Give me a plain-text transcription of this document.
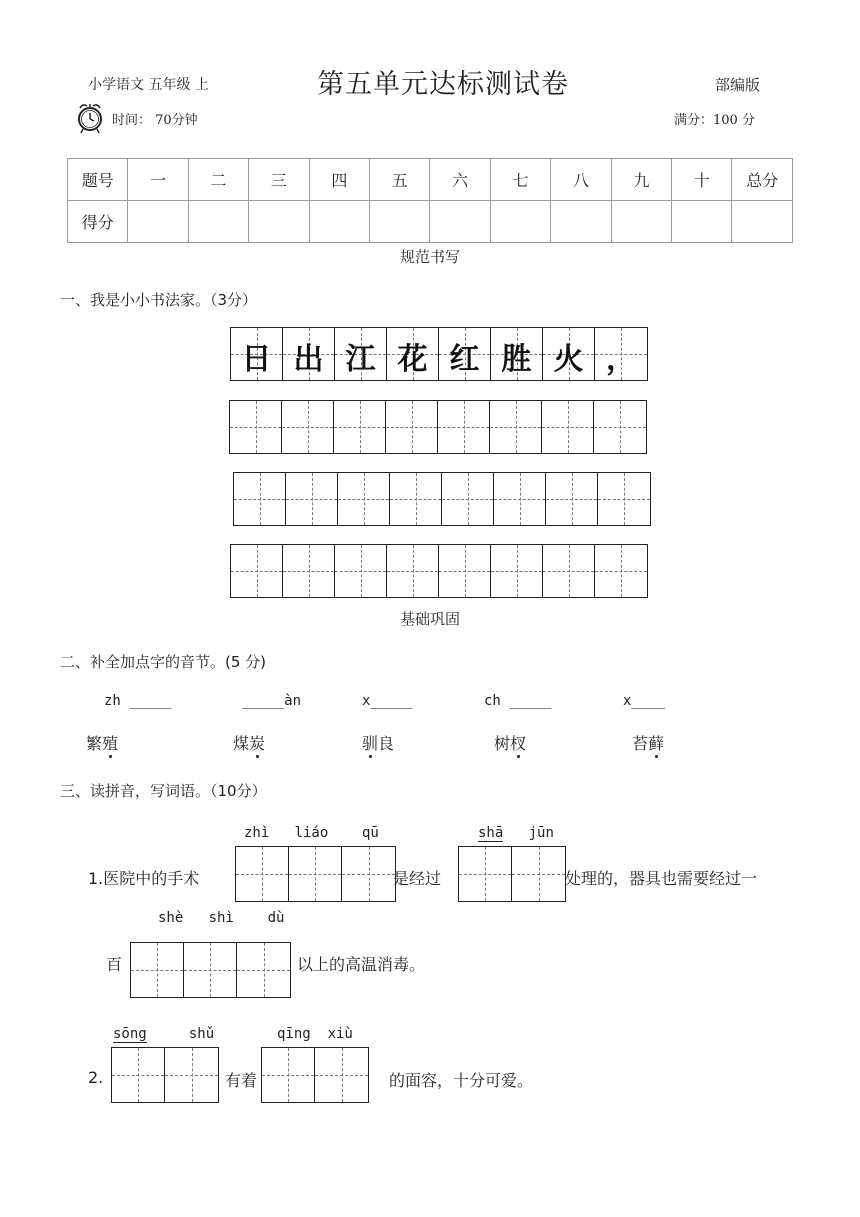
小学语文 五年级 上	第五单元达标测试卷	部编版
时间： 70分钟	满分：100 分
题号	一	二	三	四	五	六	七	八	九	十	总分
得分											
规范书写
一、我是小小书法家。（3分）
日 出 江 花 红 胜 火 ，
基础巩固
二、补全加点字的音节。(5 分)
zh _____	_____àn	x_____	ch _____	x____
繁殖	煤炭	驯良	树杈	苔藓
三、读拼音，写词语。（10分）
zhì   liáo    qū	shā jūn
1.医院中的手术	是经过	处理的，器具也需要经过一
shè   shì    dù
百	以上的高温消毒。
sōng	shǔ	qīng  xiù
2.	有着	的面容，十分可爱。
